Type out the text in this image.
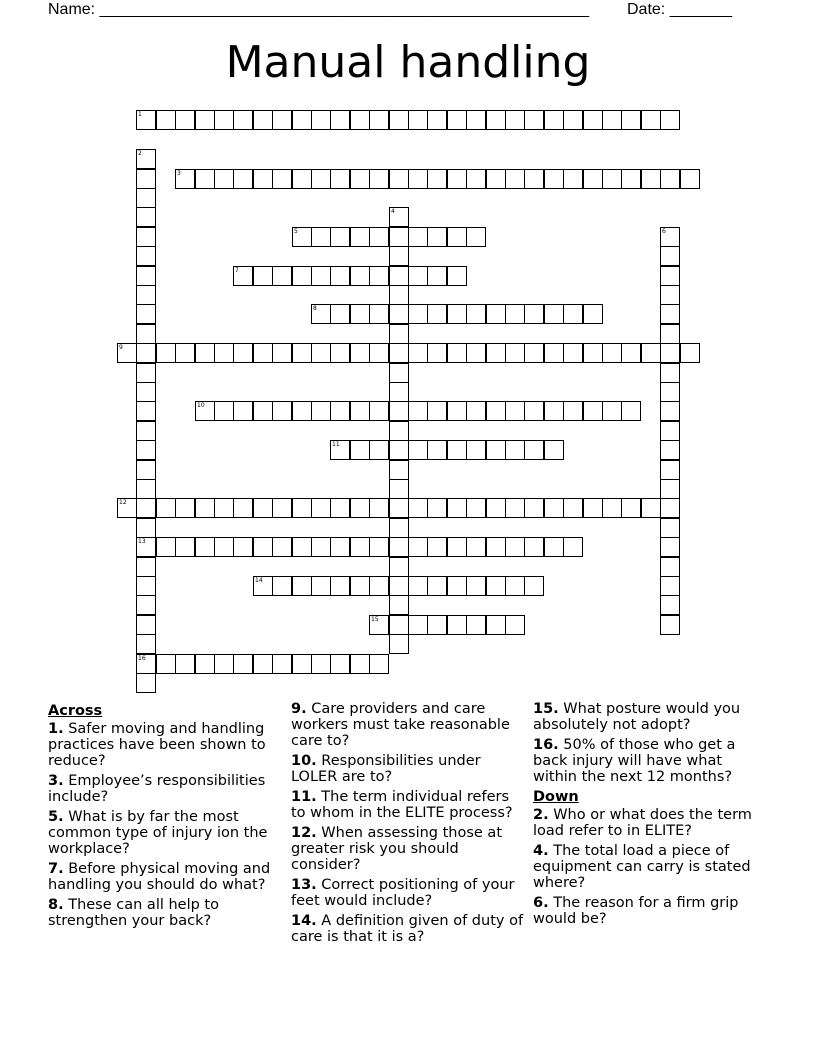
Name: _______________________________________________________ Date: _______
Manual handling
1
3
5
7
8
9
10
11
12
13
14
15
16
2
4
6
Across
1. Safer moving and handling practices have been shown to reduce?
3. Employee’s responsibilities include?
5. What is by far the most common type of injury ion the workplace?
7. Before physical moving and handling you should do what?
8. These can all help to strengthen your back?
9. Care providers and care workers must take reasonable care to?
10. Responsibilities under LOLER are to?
11. The term individual refers to whom in the ELITE process?
12. When assessing those at greater risk you should consider?
13. Correct positioning of your feet would include?
14. A definition given of duty of care is that it is a?
15. What posture would you absolutely not adopt?
16. 50% of those who get a back injury will have what within the next 12 months?
Down
2. Who or what does the term load refer to in ELITE?
4. The total load a piece of equipment can carry is stated where?
6. The reason for a firm grip would be?
